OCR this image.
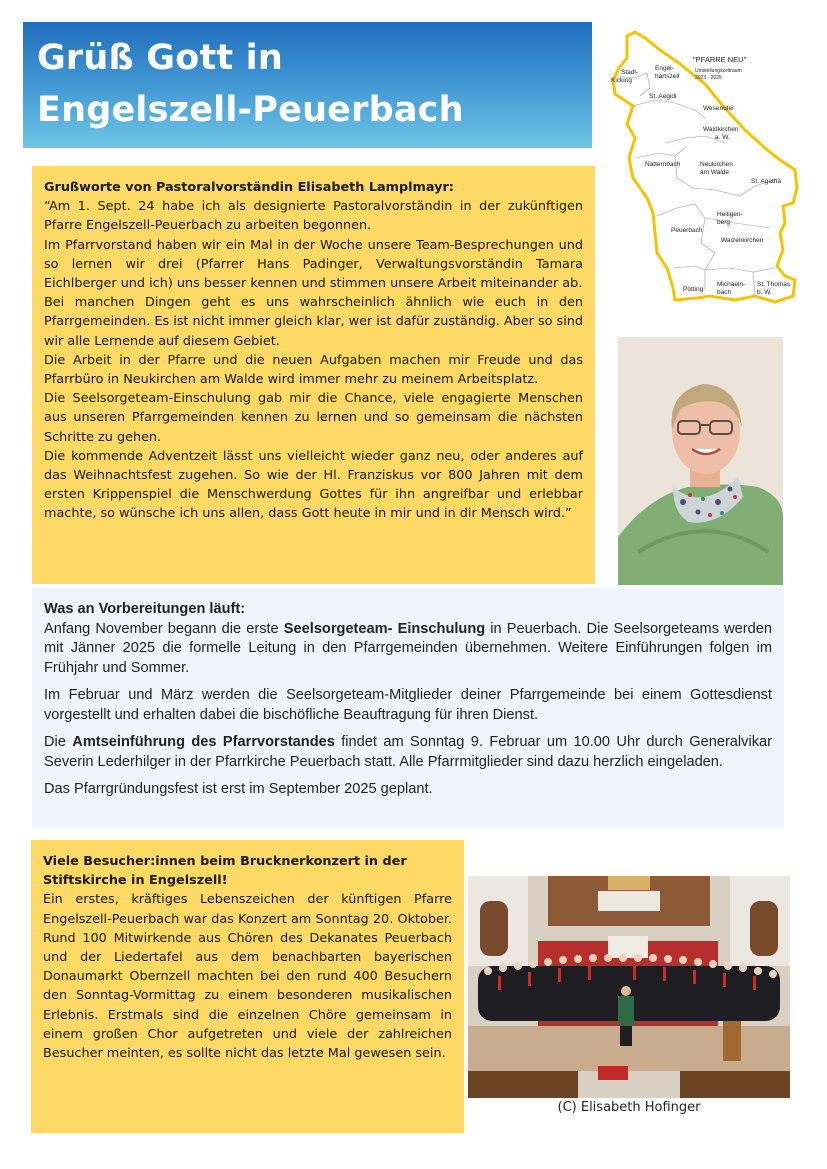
Grüß Gott in
Engelszell-Peuerbach
"PFARRE NEU"
Umstellungszeitraum
2023 - 2025
Stadl-
Kicking
Engel-
hartszell
St. Aegidi
Wesenufer
Waldkirchen
a. W.
Natternbach	Neukirchen
am Walde
St. Agatha
Heiligen-
berg
Peuerbach
Waizenkirchen
Pötting
Michaeln-
bach
St. Thomas
b. W.
Grußworte von Pastoralvorständin Elisabeth Lamplmayr:

“Am 1. Sept. 24 habe ich als designierte Pastoralvorständin in der zukünftigen Pfarre Engelszell-Peuerbach zu arbeiten begonnen.

Im Pfarrvorstand haben wir ein Mal in der Woche unsere Team-Besprechungen und so lernen wir drei (Pfarrer Hans Padinger, Verwaltungsvorständin Tamara Eichlberger und ich) uns besser kennen und stimmen unsere Arbeit miteinander ab.

Bei manchen Dingen geht es uns wahrscheinlich ähnlich wie euch in den Pfarrgemeinden. Es ist nicht immer gleich klar, wer ist dafür zuständig. Aber so sind wir alle Lernende auf diesem Gebiet.

Die Arbeit in der Pfarre und die neuen Aufgaben machen mir Freude und das Pfarrbüro in Neukirchen am Walde wird immer mehr zu meinem Arbeitsplatz.

Die Seelsorgeteam-Einschulung gab mir die Chance, viele engagierte Menschen aus unseren Pfarrgemeinden kennen zu lernen und so gemeinsam die nächsten Schritte zu gehen.

Die kommende Adventzeit lässt uns vielleicht wieder ganz neu, oder anderes auf das Weihnachtsfest zugehen. So wie der Hl. Franziskus vor 800 Jahren mit dem ersten Krippenspiel die Menschwerdung Gottes für ihn angreifbar und erlebbar machte, so wünsche ich uns allen, dass Gott heute in mir und in dir Mensch wird.”

Was an Vorbereitungen läuft:

Anfang November begann die erste Seelsorgeteam- Einschulung in Peuerbach. Die Seelsorgeteams werden mit Jänner 2025 die formelle Leitung in den Pfarrgemeinden übernehmen. Weitere Einführungen folgen im Frühjahr und Sommer.

Im Februar und März werden die Seelsorgeteam-Mitglieder deiner Pfarrgemeinde bei einem Gottesdienst vorgestellt und erhalten dabei die bischöfliche Beauftragung für ihren Dienst.

Die Amtseinführung des Pfarrvorstandes findet am Sonntag 9. Februar um 10.00 Uhr durch Generalvikar Severin Lederhilger in der Pfarrkirche Peuerbach statt. Alle Pfarrmitglieder sind dazu herzlich eingeladen.

Das Pfarrgründungsfest ist erst im September 2025 geplant.

Viele Besucher:innen beim Brucknerkonzert in der Stiftskirche in Engelszell!

Ein erstes, kräftiges Lebenszeichen der künftigen Pfarre Engelszell-Peuerbach war das Konzert am Sonntag 20. Oktober. Rund 100 Mitwirkende aus Chören des Dekanates Peuerbach und der Liedertafel aus dem benachbarten bayerischen Donaumarkt Obernzell machten bei den rund 400 Besuchern den Sonntag-Vormittag zu einem besonderen musikalischen Erlebnis. Erstmals sind die einzelnen Chöre gemeinsam in einem großen Chor aufgetreten und viele der zahlreichen Besucher meinten, es sollte nicht das letzte Mal gewesen sein.

(C) Elisabeth Hofinger
